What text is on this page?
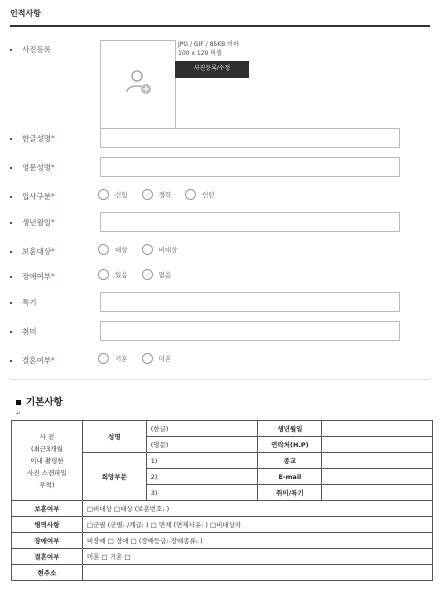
인적사항
사진등록
JPG / GIF / 85KB 이하
100 x 120 픽셀
사진등록/수정
한글성명*
영문성명*
입사구분*	신입	경력	인턴
생년월일*
보훈대상*	대상	비대상
장애여부*	있음	없음
특기
취미
결혼여부*	기혼	미혼
기본사항
↵
사 진
(최근3개월
이내 촬영한
사진 스캔파일
부착)	성명	(한글)	생년월일	
		(영문)	연락처(H.P)	
	희망부문	1)	종교	
		2)	E-mail	
		3)	취미/특기	
보훈여부	□비대상 □대상 (보훈번호: )			
병역사항	□군필 (군별: /계급: ) □ 면제 (면제사유: ) □비대상자			
장애여부	비장애 □ 장애 □ (장애등급: 장애종류: )			
결혼여부	미혼 □ 기혼 □			
현주소				
